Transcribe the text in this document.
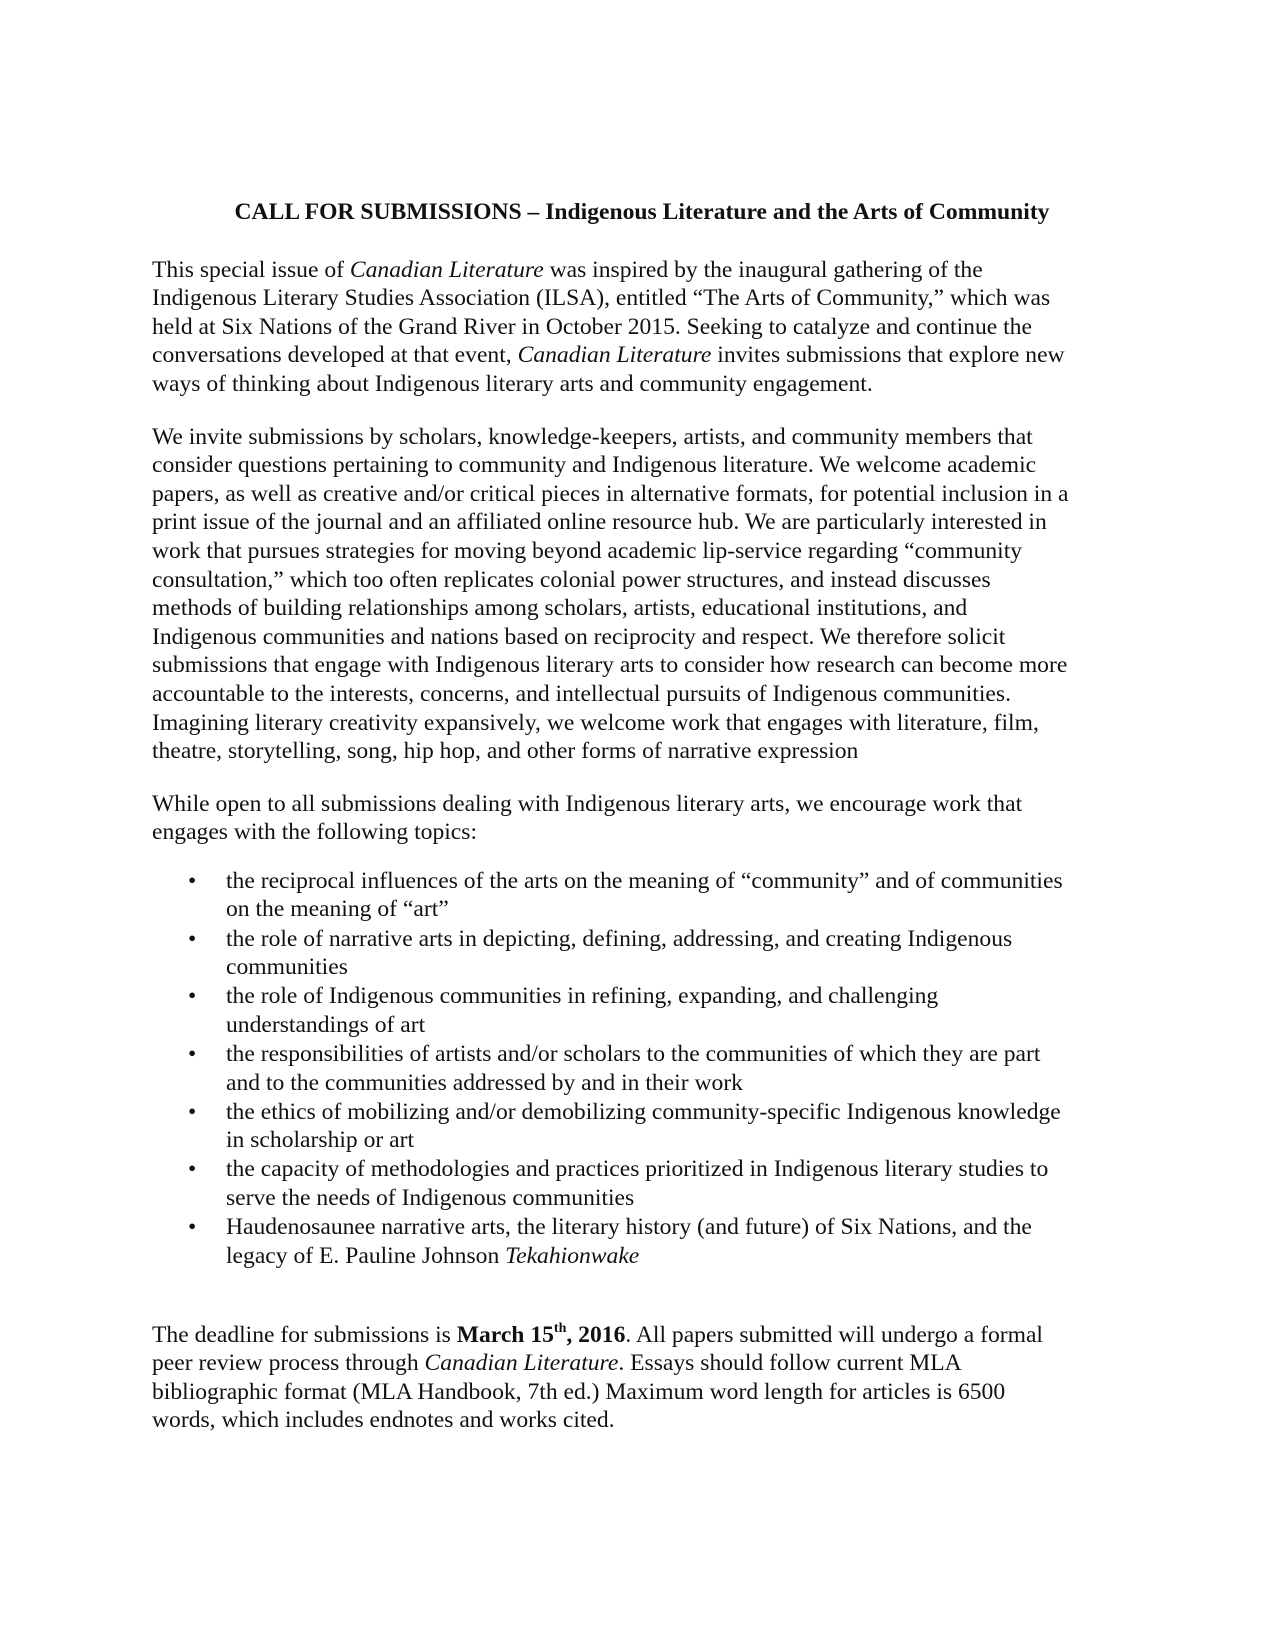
CALL FOR SUBMISSIONS – Indigenous Literature and the Arts of Community
This special issue of Canadian Literature was inspired by the inaugural gathering of the
Indigenous Literary Studies Association (ILSA), entitled “The Arts of Community,” which was
held at Six Nations of the Grand River in October 2015. Seeking to catalyze and continue the
conversations developed at that event, Canadian Literature invites submissions that explore new
ways of thinking about Indigenous literary arts and community engagement.
We invite submissions by scholars, knowledge-keepers, artists, and community members that
consider questions pertaining to community and Indigenous literature. We welcome academic
papers, as well as creative and/or critical pieces in alternative formats, for potential inclusion in a
print issue of the journal and an affiliated online resource hub. We are particularly interested in
work that pursues strategies for moving beyond academic lip-service regarding “community
consultation,” which too often replicates colonial power structures, and instead discusses
methods of building relationships among scholars, artists, educational institutions, and
Indigenous communities and nations based on reciprocity and respect. We therefore solicit
submissions that engage with Indigenous literary arts to consider how research can become more
accountable to the interests, concerns, and intellectual pursuits of Indigenous communities.
Imagining literary creativity expansively, we welcome work that engages with literature, film,
theatre, storytelling, song, hip hop, and other forms of narrative expression
While open to all submissions dealing with Indigenous literary arts, we encourage work that
engages with the following topics:
• the reciprocal influences of the arts on the meaning of “community” and of communities
on the meaning of “art”
• the role of narrative arts in depicting, defining, addressing, and creating Indigenous
communities
• the role of Indigenous communities in refining, expanding, and challenging
understandings of art
• the responsibilities of artists and/or scholars to the communities of which they are part
and to the communities addressed by and in their work
• the ethics of mobilizing and/or demobilizing community-specific Indigenous knowledge
in scholarship or art
• the capacity of methodologies and practices prioritized in Indigenous literary studies to
serve the needs of Indigenous communities
• Haudenosaunee narrative arts, the literary history (and future) of Six Nations, and the
legacy of E. Pauline Johnson Tekahionwake
The deadline for submissions is March 15th, 2016. All papers submitted will undergo a formal
peer review process through Canadian Literature. Essays should follow current MLA
bibliographic format (MLA Handbook, 7th ed.) Maximum word length for articles is 6500
words, which includes endnotes and works cited.
